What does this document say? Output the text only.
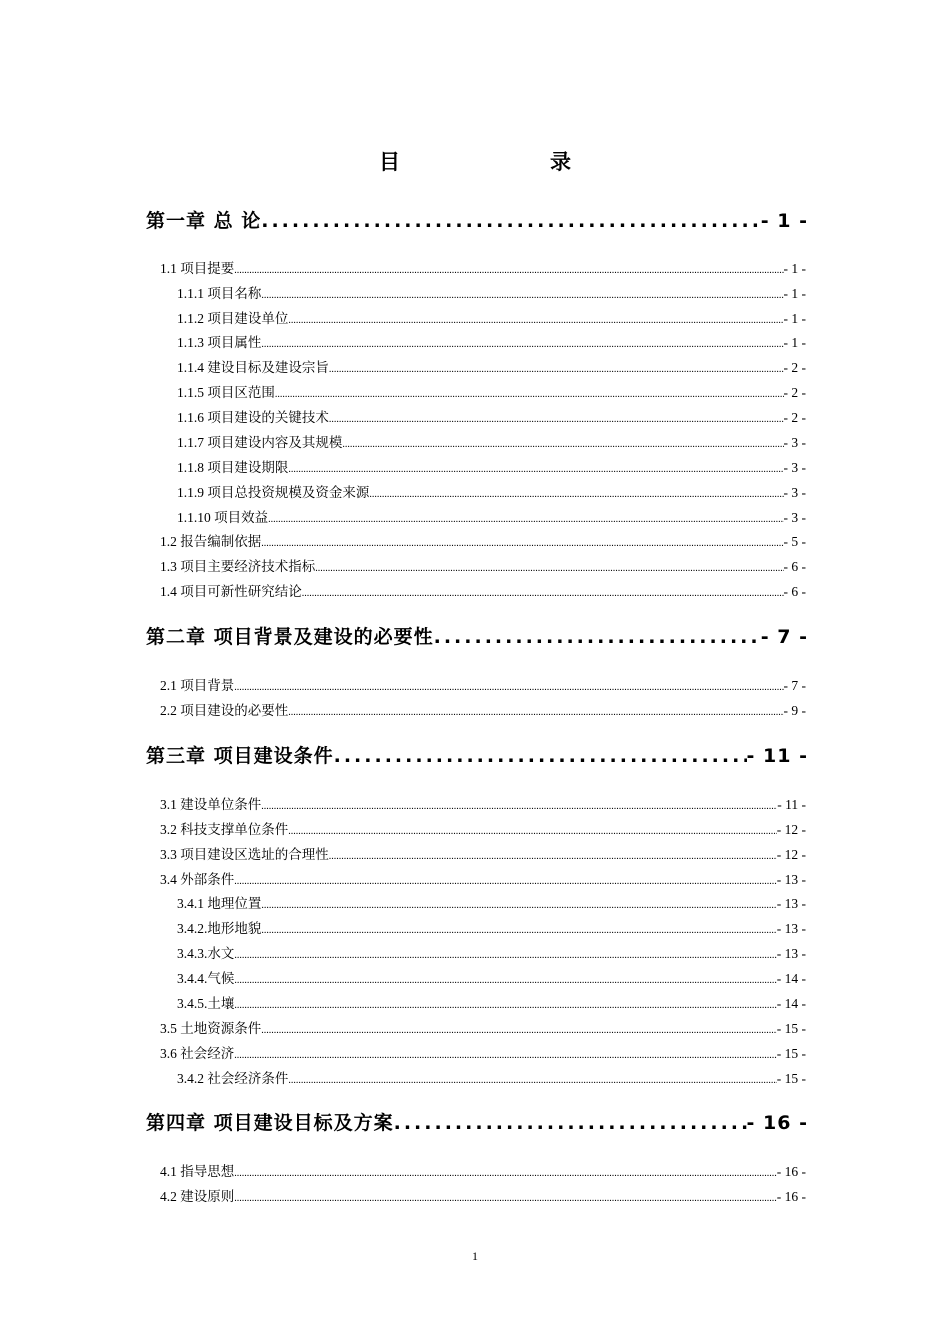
目	录
第一章 总 论 .....	- 1 -
1.1 项目提要 .....	- 1 -
1.1.1 项目名称 .....	- 1 -
1.1.2 项目建设单位 .....	- 1 -
1.1.3 项目属性 .....	- 1 -
1.1.4 建设目标及建设宗旨 .....	- 2 -
1.1.5 项目区范围 .....	- 2 -
1.1.6 项目建设的关键技术 .....	- 2 -
1.1.7 项目建设内容及其规模 .....	- 3 -
1.1.8 项目建设期限 .....	- 3 -
1.1.9 项目总投资规模及资金来源 .....	- 3 -
1.1.10 项目效益 .....	- 3 -
1.2 报告编制依据 .....	- 5 -
1.3 项目主要经济技术指标 .....	- 6 -
1.4 项目可新性研究结论 .....	- 6 -
第二章 项目背景及建设的必要性 .....	- 7 -
2.1 项目背景 .....	- 7 -
2.2 项目建设的必要性 .....	- 9 -
第三章 项目建设条件 .....	- 11 -
3.1 建设单位条件 .....	- 11 -
3.2 科技支撑单位条件 .....	- 12 -
3.3 项目建设区选址的合理性 .....	- 12 -
3.4 外部条件 .....	- 13 -
3.4.1 地理位置 .....	- 13 -
3.4.2.地形地貌 .....	- 13 -
3.4.3.水文 .....	- 13 -
3.4.4.气候 .....	- 14 -
3.4.5.土壤 .....	- 14 -
3.5 土地资源条件 .....	- 15 -
3.6 社会经济 .....	- 15 -
3.4.2 社会经济条件 .....	- 15 -
第四章 项目建设目标及方案 .....	- 16 -
4.1 指导思想 .....	- 16 -
4.2 建设原则 .....	- 16 -
1
